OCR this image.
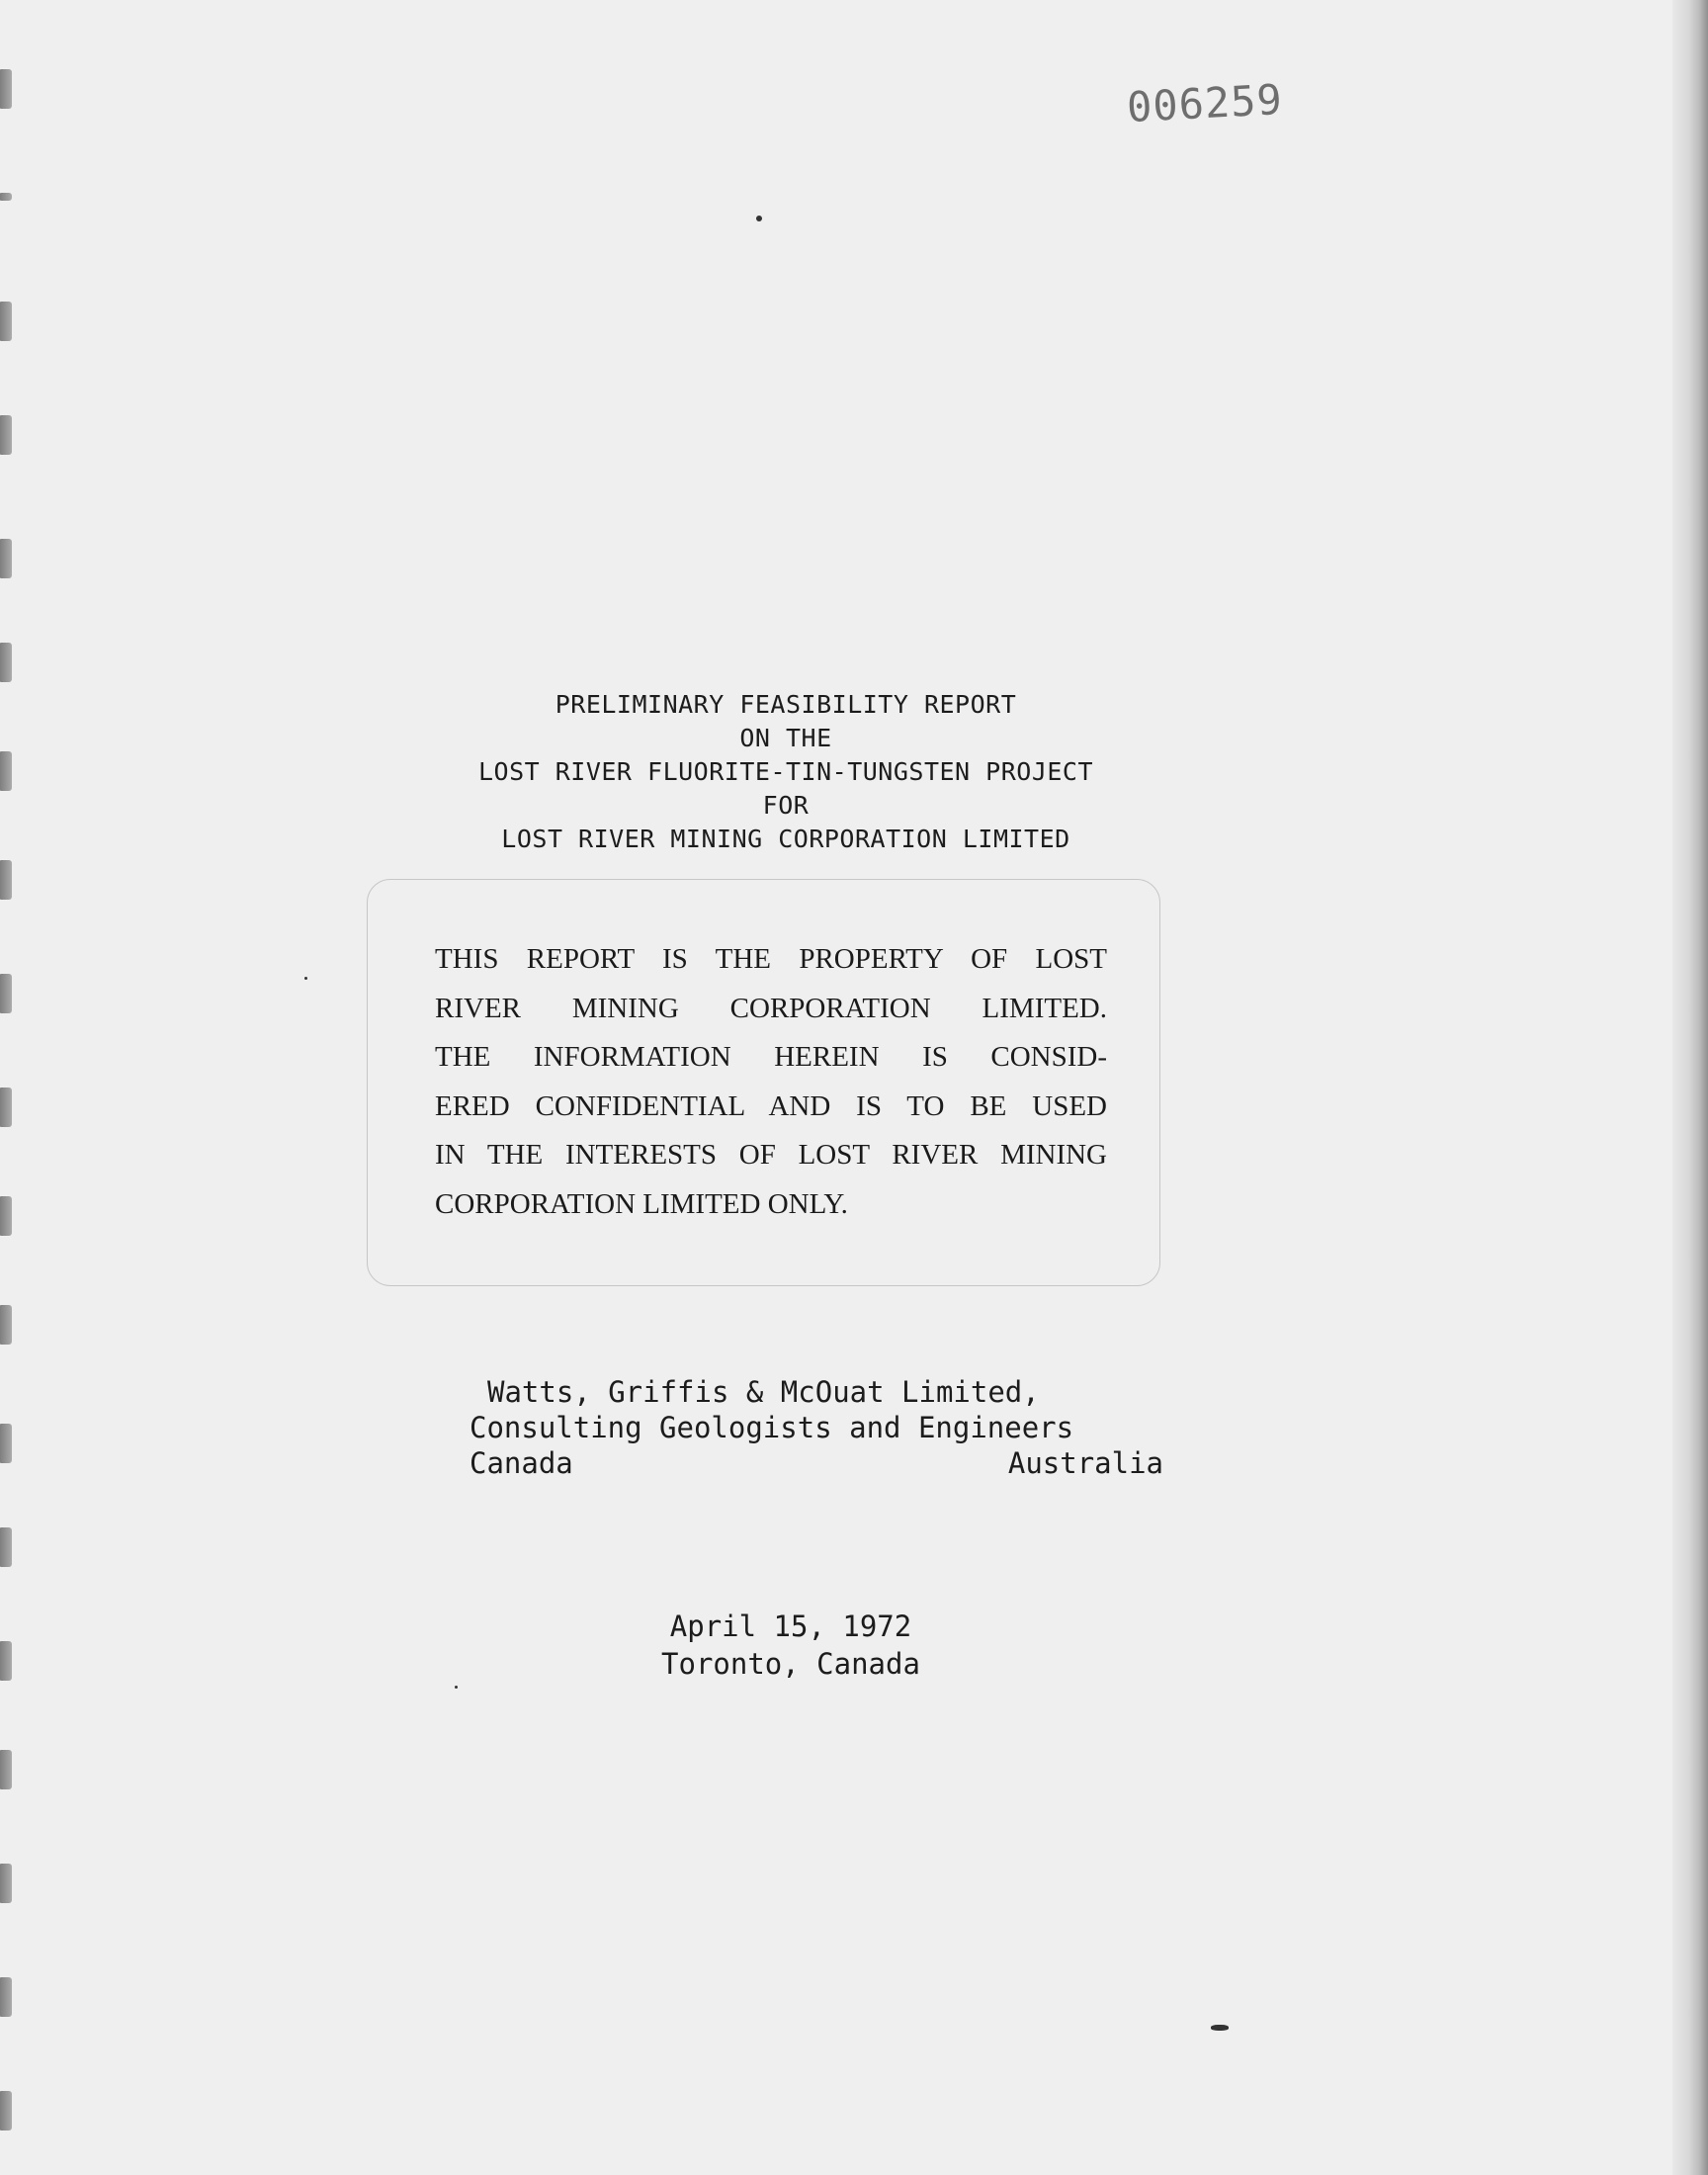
006259
PRELIMINARY FEASIBILITY REPORT
ON THE
LOST RIVER FLUORITE-TIN-TUNGSTEN PROJECT
FOR
LOST RIVER MINING CORPORATION LIMITED
THIS REPORT IS THE PROPERTY OF LOST
RIVER MINING CORPORATION LIMITED.
THE INFORMATION HEREIN IS CONSID-
ERED CONFIDENTIAL AND IS TO BE USED
IN THE INTERESTS OF LOST RIVER MINING
CORPORATION LIMITED ONLY.
Watts, Griffis & McOuat Limited,
Consulting Geologists and Engineers
Canada	Australia
April 15, 1972
Toronto, Canada
